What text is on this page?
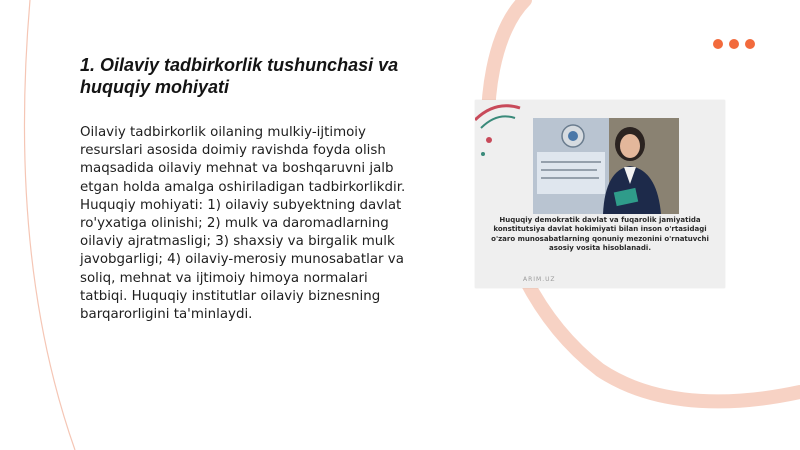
1. Oilaviy tadbirkorlik tushunchasi va huquqiy mohiyati

Oilaviy tadbirkorlik oilaning mulkiy-ijtimoiy resurslari asosida doimiy ravishda foyda olish maqsadida oilaviy mehnat va boshqaruvni jalb etgan holda amalga oshiriladigan tadbirkorlikdir. Huquqiy mohiyati: 1) oilaviy subyektning davlat ro'yxatiga olinishi; 2) mulk va daromadlarning oilaviy ajratmasligi; 3) shaxsiy va birgalik mulk javobgarligi; 4) oilaviy-merosiy munosabatlar va soliq, mehnat va ijtimoiy himoya normalari tatbiqi. Huquqiy institutlar oilaviy biznesning barqarorligini ta'minlaydi.

Huquqiy demokratik davlat va fuqarolik jamiyatida konstitutsiya davlat hokimiyati bilan inson o'rtasidagi o'zaro munosabatlarning qonuniy mezonini o'rnatuvchi asosiy vosita hisoblanadi.

ARIM.UZ
